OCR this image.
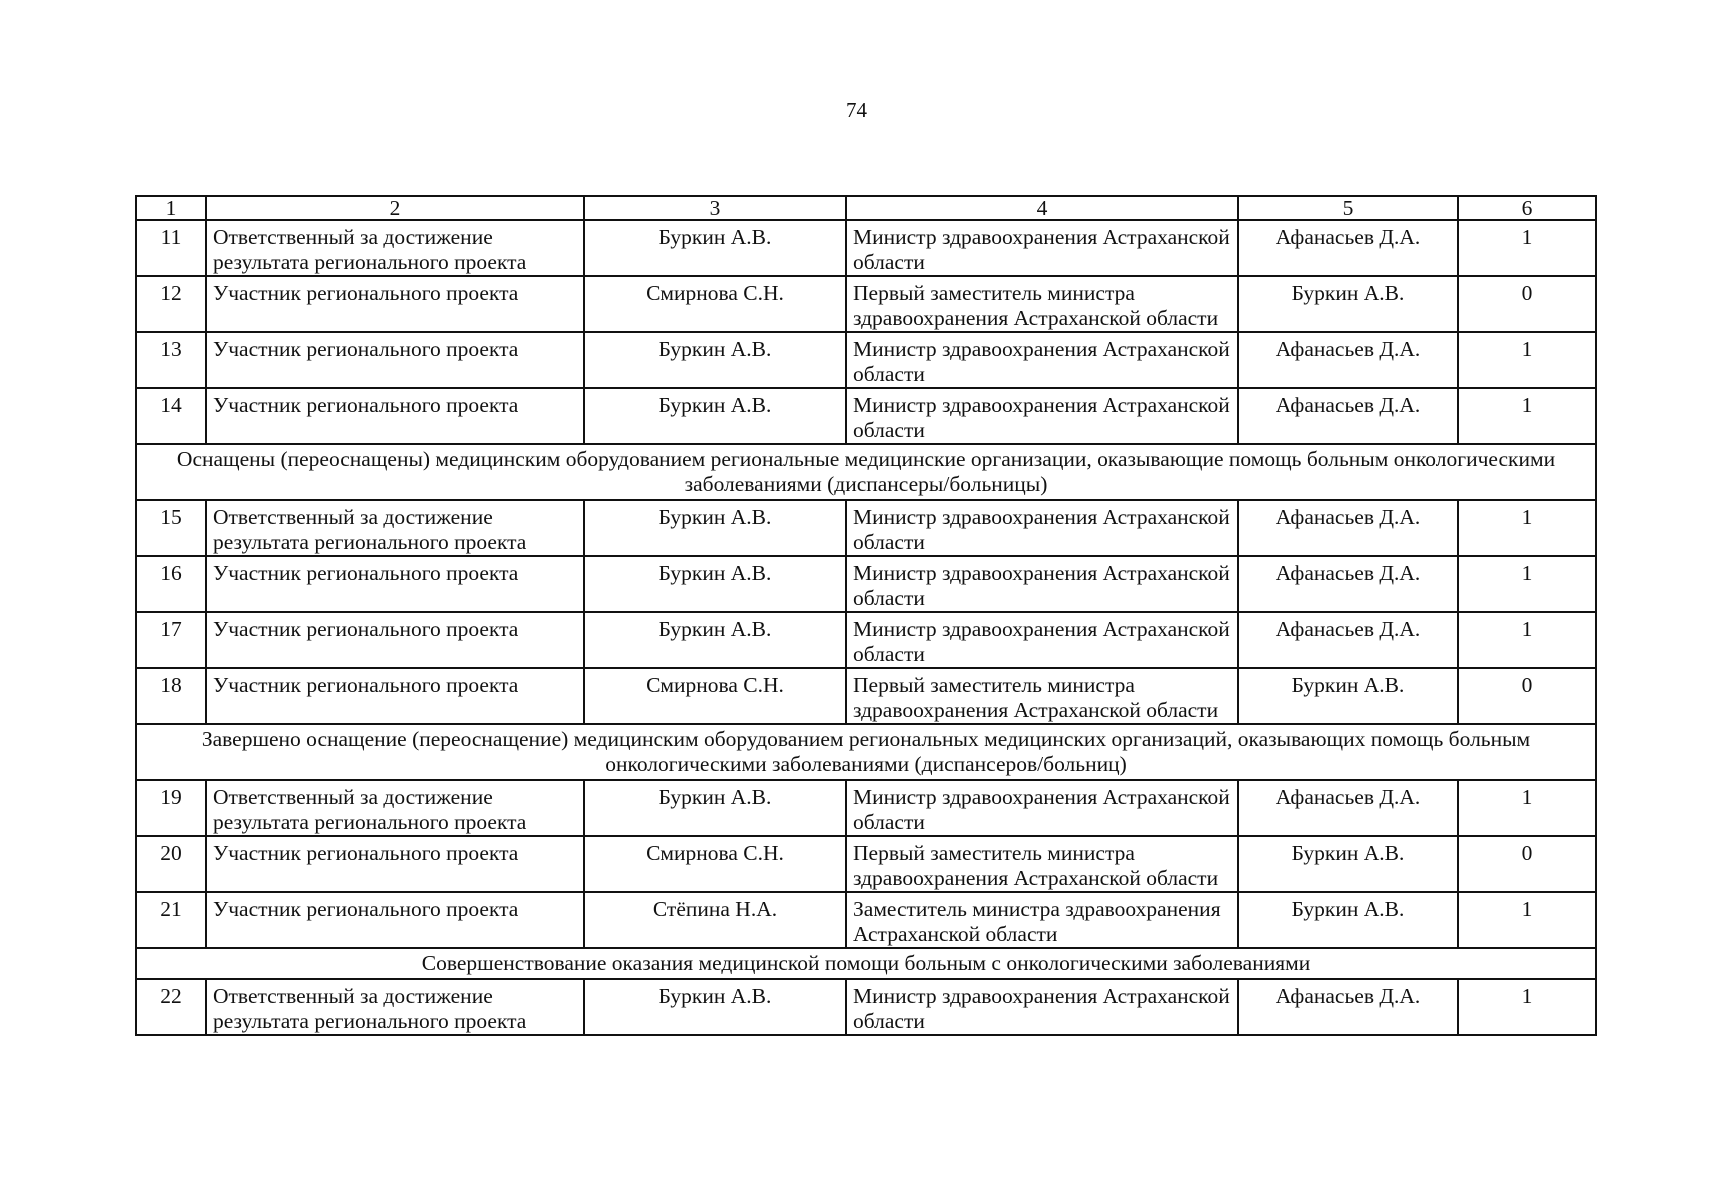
74
1	2	3	4	5	6
11	Ответственный за достижение результата регионального проекта	Буркин А.В.	Министр здравоохранения Астраханской области	Афанасьев Д.А.	1
12	Участник регионального проекта	Смирнова С.Н.	Первый заместитель министра здравоохранения Астраханской области	Буркин А.В.	0
13	Участник регионального проекта	Буркин А.В.	Министр здравоохранения Астраханской области	Афанасьев Д.А.	1
14	Участник регионального проекта	Буркин А.В.	Министр здравоохранения Астраханской области	Афанасьев Д.А.	1
Оснащены (переоснащены) медицинским оборудованием региональные медицинские организации, оказывающие помощь больным онкологическими заболеваниями (диспансеры/больницы)					
15	Ответственный за достижение результата регионального проекта	Буркин А.В.	Министр здравоохранения Астраханской области	Афанасьев Д.А.	1
16	Участник регионального проекта	Буркин А.В.	Министр здравоохранения Астраханской области	Афанасьев Д.А.	1
17	Участник регионального проекта	Буркин А.В.	Министр здравоохранения Астраханской области	Афанасьев Д.А.	1
18	Участник регионального проекта	Смирнова С.Н.	Первый заместитель министра здравоохранения Астраханской области	Буркин А.В.	0
Завершено оснащение (переоснащение) медицинским оборудованием региональных медицинских организаций, оказывающих помощь больным онкологическими заболеваниями (диспансеров/больниц)					
19	Ответственный за достижение результата регионального проекта	Буркин А.В.	Министр здравоохранения Астраханской области	Афанасьев Д.А.	1
20	Участник регионального проекта	Смирнова С.Н.	Первый заместитель министра здравоохранения Астраханской области	Буркин А.В.	0
21	Участник регионального проекта	Стёпина Н.А.	Заместитель министра здравоохранения Астраханской области	Буркин А.В.	1
Совершенствование оказания медицинской помощи больным с онкологическими заболеваниями					
22	Ответственный за достижение результата регионального проекта	Буркин А.В.	Министр здравоохранения Астраханской области	Афанасьев Д.А.	1
